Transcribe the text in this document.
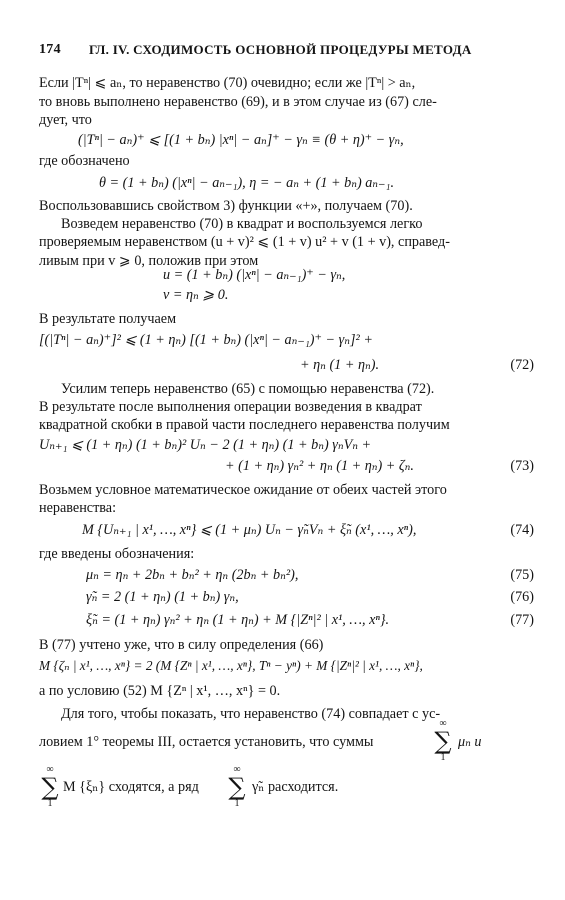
174 ГЛ. IV. СХОДИМОСТЬ ОСНОВНОЙ ПРОЦЕДУРЫ МЕТОДА
Если |Tⁿ| ⩽ aₙ, то неравенство (70) очевидно; если же |Tⁿ| > aₙ,
то вновь выполнено неравенство (69), и в этом случае из (67) сле-
дует, что
(|Tⁿ| − aₙ)⁺ ⩽ [(1 + bₙ) |xⁿ| − aₙ]⁺ − γₙ ≡ (θ + η)⁺ − γₙ,
где обозначено
θ = (1 + bₙ) (|xⁿ| − aₙ₋₁), η = − aₙ + (1 + bₙ) aₙ₋₁.
Воспользовавшись свойством 3) функции «+», получаем (70).
Возведем неравенство (70) в квадрат и воспользуемся легко
проверяемым неравенством (u + v)² ⩽ (1 + v) u² + v (1 + v), справед-
ливым при v ⩾ 0, положив при этом
u = (1 + bₙ) (|xⁿ| − aₙ₋₁)⁺ − γₙ,
v = ηₙ ⩾ 0.
В результате получаем
[(|Tⁿ| − aₙ)⁺]² ⩽ (1 + ηₙ) [(1 + bₙ) (|xⁿ| − aₙ₋₁)⁺ − γₙ]² +
+ ηₙ (1 + ηₙ).	(72)
Усилим теперь неравенство (65) с помощью неравенства (72).
В результате после выполнения операции возведения в квадрат
квадратной скобки в правой части последнего неравенства получим
Uₙ₊₁ ⩽ (1 + ηₙ) (1 + bₙ)² Uₙ − 2 (1 + ηₙ) (1 + bₙ) γₙVₙ +
+ (1 + ηₙ) γₙ² + ηₙ (1 + ηₙ) + ζₙ.	(73)
Возьмем условное математическое ожидание от обеих частей этого
неравенства:
M {Uₙ₊₁ | x¹, …, xⁿ} ⩽ (1 + μₙ) Uₙ − γ̃ₙVₙ + ξ̃ₙ (x¹, …, xⁿ),	(74)
где введены обозначения:
μₙ = ηₙ + 2bₙ + bₙ² + ηₙ (2bₙ + bₙ²),	(75)
γ̃ₙ = 2 (1 + ηₙ) (1 + bₙ) γₙ,	(76)
ξ̃ₙ = (1 + ηₙ) γₙ² + ηₙ (1 + ηₙ) + M {|Zⁿ|² | x¹, …, xⁿ}.	(77)
В (77) учтено уже, что в силу определения (66)
M {ζₙ | x¹, …, xⁿ} = 2 (M {Zⁿ | x¹, …, xⁿ}, Tⁿ − yⁿ) + M {|Zⁿ|² | x¹, …, xⁿ},
а по условию (52) M {Zⁿ | x¹, …, xⁿ} = 0.
Для того, чтобы показать, что неравенство (74) совпадает с ус-
ловием 1° теоремы III, остается установить, что суммы
∞
∑
1
μₙ и
∞
∑
1
M {ξₙ} сходятся, а ряд
∞
∑
1
γ̃ₙ расходится.
